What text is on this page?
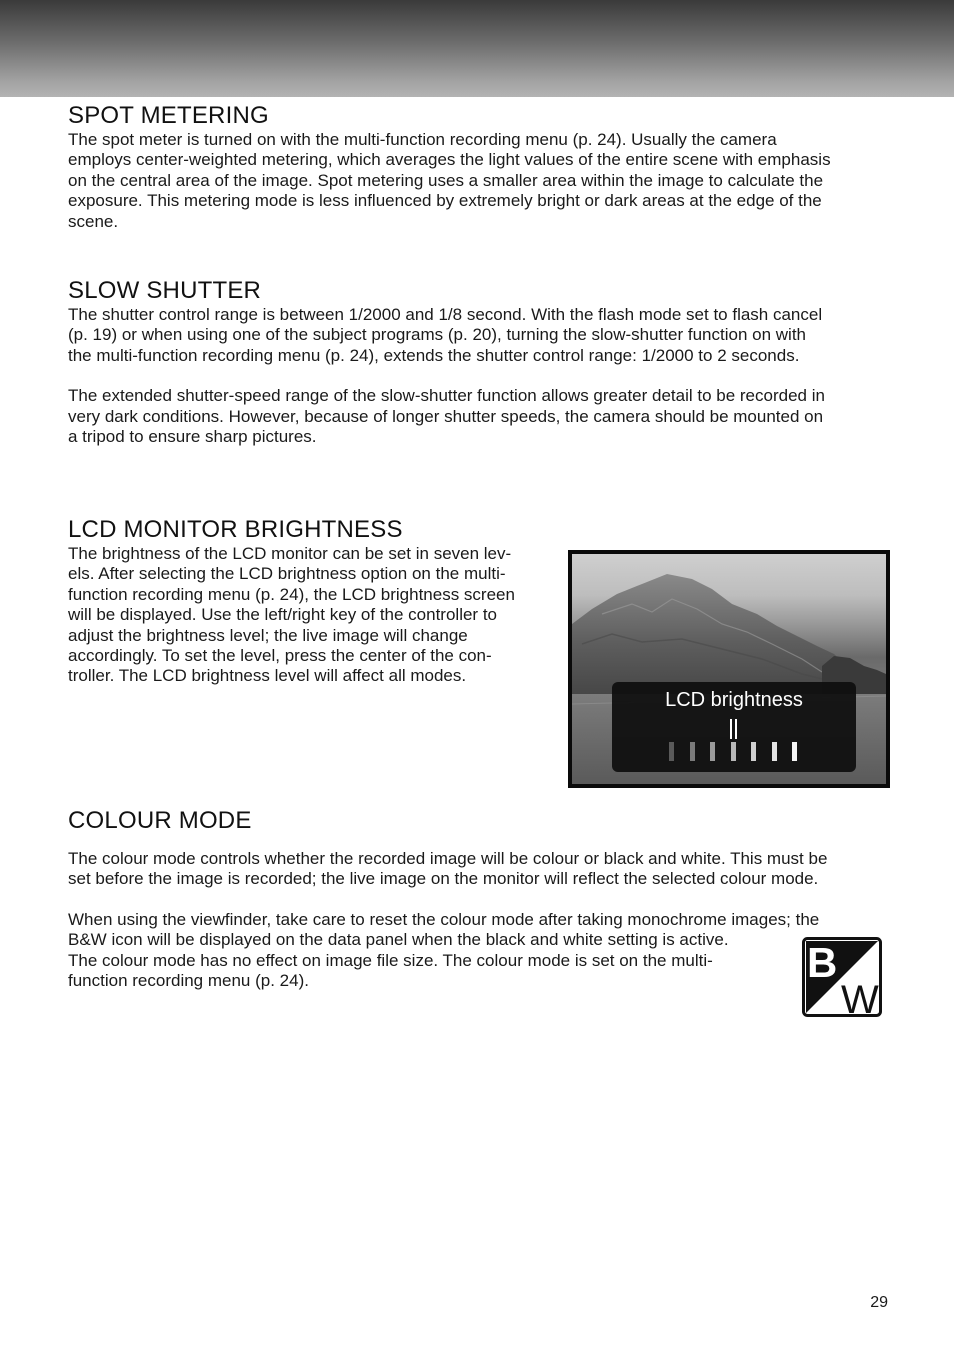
SPOT METERING

The spot meter is turned on with the multi-function recording menu (p. 24). Usually the camera
employs center-weighted metering, which averages the light values of the entire scene with emphasis
on the central area of the image. Spot metering uses a smaller area within the image to calculate the
exposure. This metering mode is less influenced by extremely bright or dark areas at the edge of the
scene.

SLOW SHUTTER

The shutter control range is between 1/2000 and 1/8 second. With the flash mode set to flash cancel
(p. 19) or when using one of the subject programs (p. 20), turning the slow-shutter function on with
the multi-function recording menu (p. 24), extends the shutter control range: 1/2000 to 2 seconds.

The extended shutter-speed range of the slow-shutter function allows greater detail to be recorded in
very dark conditions. However, because of longer shutter speeds, the camera should be mounted on
a tripod to ensure sharp pictures.

LCD MONITOR BRIGHTNESS

The brightness of the LCD monitor can be set in seven lev-
els. After selecting the LCD brightness option on the multi-
function recording menu (p. 24), the LCD brightness screen
will be displayed. Use the left/right key of the controller to
adjust the brightness level; the live image will change
accordingly. To set the level, press the center of the con-
troller. The LCD brightness level will affect all modes.

LCD brightness
COLOUR MODE

The colour mode controls whether the recorded image will be colour or black and white. This must be
set before the image is recorded; the live image on the monitor will reflect the selected colour mode.

When using the viewfinder, take care to reset the colour mode after taking monochrome images; the
B&W icon will be displayed on the data panel when the black and white setting is active.
The colour mode has no effect on image file size. The colour mode is set on the multi-
function recording menu (p. 24).	B
W
29
